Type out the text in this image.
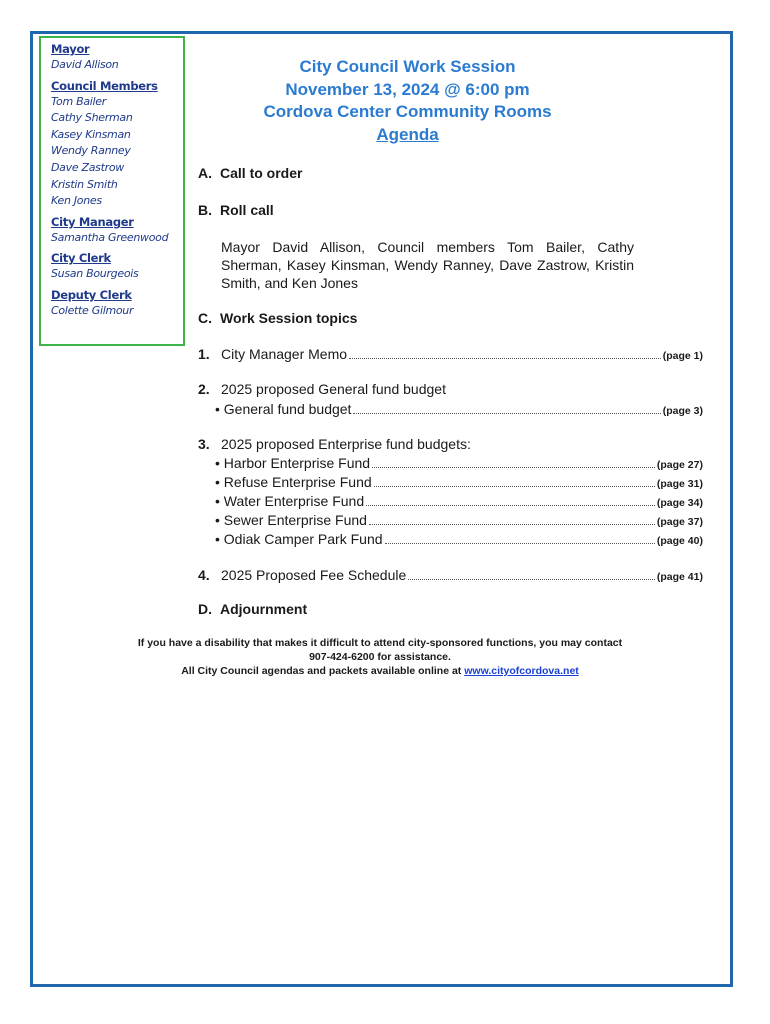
Mayor
David Allison
Council Members
Tom Bailer
Cathy Sherman
Kasey Kinsman
Wendy Ranney
Dave Zastrow
Kristin Smith
Ken Jones
City Manager
Samantha Greenwood
City Clerk
Susan Bourgeois
Deputy Clerk
Colette Gilmour
City Council Work Session
November 13, 2024 @ 6:00 pm
Cordova Center Community Rooms
Agenda
A. Call to order
B. Roll call
Mayor David Allison, Council members Tom Bailer, Cathy Sherman, Kasey Kinsman, Wendy Ranney, Dave Zastrow, Kristin Smith, and Ken Jones
C. Work Session topics
1. City Manager Memo	(page 1)
2. 2025 proposed General fund budget
• General fund budget	(page 3)
3. 2025 proposed Enterprise fund budgets:
• Harbor Enterprise Fund	(page 27)
• Refuse Enterprise Fund	(page 31)
• Water Enterprise Fund	(page 34)
• Sewer Enterprise Fund	(page 37)
• Odiak Camper Park Fund	(page 40)
4. 2025 Proposed Fee Schedule	(page 41)
D. Adjournment
If you have a disability that makes it difficult to attend city-sponsored functions, you may contact
907-424-6200 for assistance.
All City Council agendas and packets available online at www.cityofcordova.net
